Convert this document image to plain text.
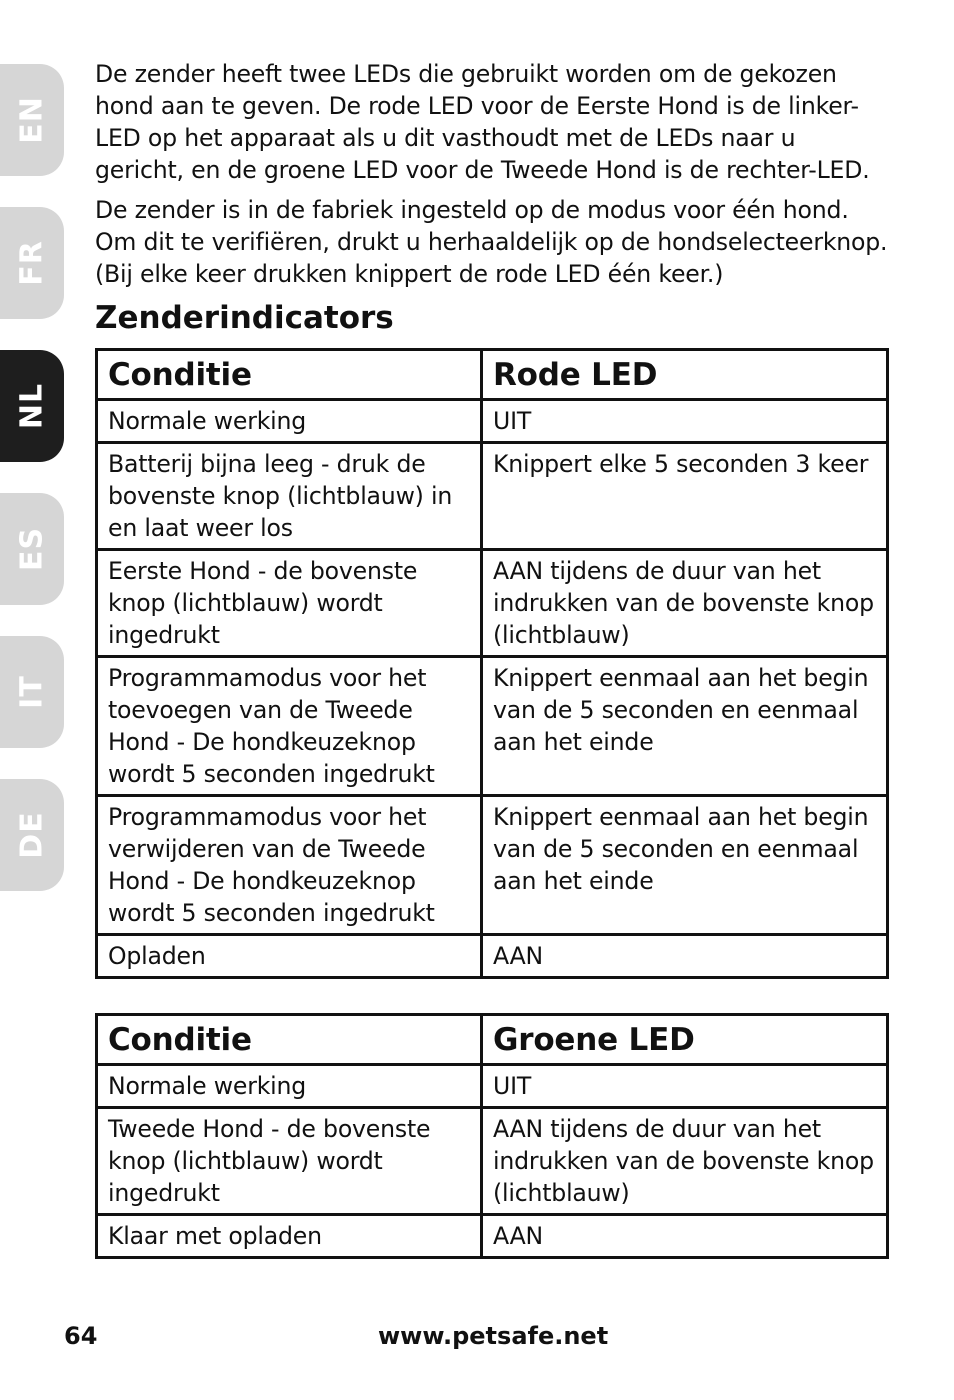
EN
FR
NL
ES
IT
DE

De zender heeft twee LEDs die gebruikt worden om de gekozen hond aan te geven. De rode LED voor de Eerste Hond is de linker-LED op het apparaat als u dit vasthoudt met de LEDs naar u gericht, en de groene LED voor de Tweede Hond is de rechter-LED.

De zender is in de fabriek ingesteld op de modus voor één hond. Om dit te verifiëren, drukt u herhaaldelijk op de hondselecteerknop. (Bij elke keer drukken knippert de rode LED één keer.)

Zenderindicators
Conditie	Rode LED
Normale werking	UIT
Batterij bijna leeg - druk de bovenste knop (lichtblauw) in en laat weer los	Knippert elke 5 seconden 3 keer
Eerste Hond - de bovenste knop (lichtblauw) wordt ingedrukt	AAN tijdens de duur van het indrukken van de bovenste knop (lichtblauw)
Programmamodus voor het toevoegen van de Tweede Hond - De hondkeuzeknop wordt 5 seconden ingedrukt	Knippert eenmaal aan het begin van de 5 seconden en eenmaal aan het einde
Programmamodus voor het verwijderen van de Tweede Hond - De hondkeuzeknop wordt 5 seconden ingedrukt	Knippert eenmaal aan het begin van de 5 seconden en eenmaal aan het einde
Opladen	AAN
Conditie	Groene LED
Normale werking	UIT
Tweede Hond - de bovenste knop (lichtblauw) wordt ingedrukt	AAN tijdens de duur van het indrukken van de bovenste knop (lichtblauw)
Klaar met opladen	AAN
64	www.petsafe.net
